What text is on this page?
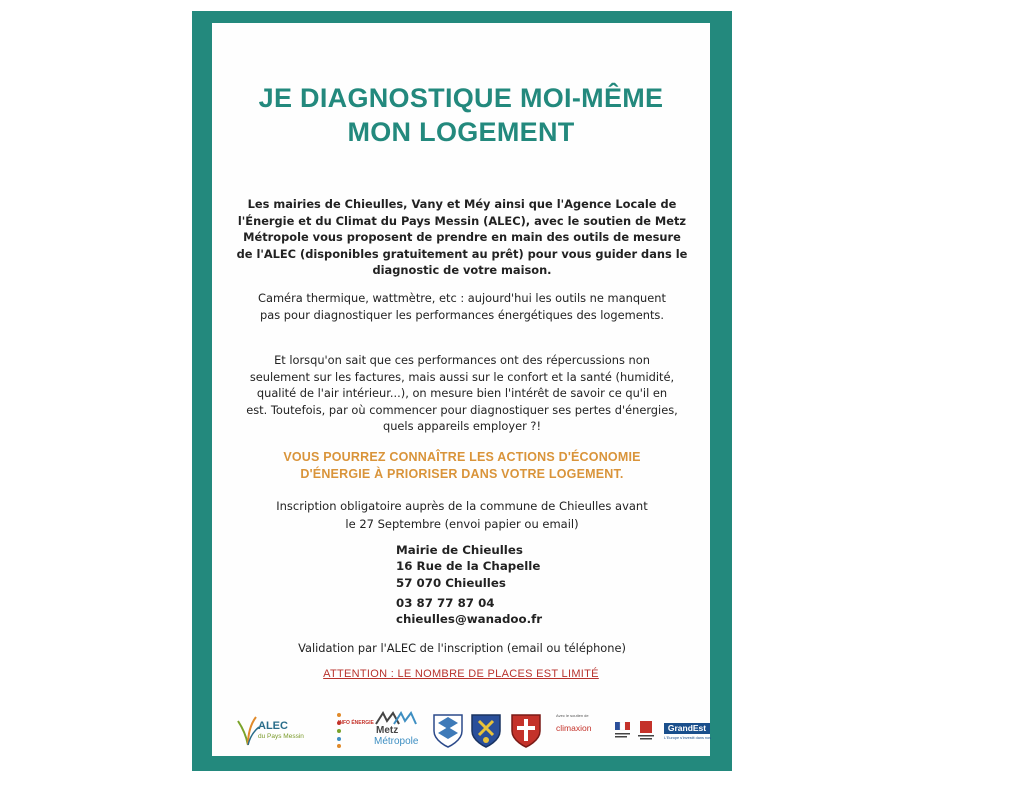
JE DIAGNOSTIQUE MOI-MÊME
MON LOGEMENT

Les mairies de Chieulles, Vany et Méy ainsi que l'Agence Locale de l'Énergie et du Climat du Pays Messin (ALEC), avec le soutien de Metz Métropole vous proposent de prendre en main des outils de mesure de l'ALEC (disponibles gratuitement au prêt) pour vous guider dans le diagnostic de votre maison.

Caméra thermique, wattmètre, etc : aujourd'hui les outils ne manquent pas pour diagnostiquer les performances énergétiques des logements.

Et lorsqu'on sait que ces performances ont des répercussions non seulement sur les factures, mais aussi sur le confort et la santé (humidité, qualité de l'air intérieur...), on mesure bien l'intérêt de savoir ce qu'il en est. Toutefois, par où commencer pour diagnostiquer ses pertes d'énergies, quels appareils employer ?!

VOUS POURREZ CONNAÎTRE LES ACTIONS D'ÉCONOMIE
D'ÉNERGIE À PRIORISER DANS VOTRE LOGEMENT.

Inscription obligatoire auprès de la commune de Chieulles avant le 27 Septembre (envoi papier ou email)

Mairie de Chieulles
16 Rue de la Chapelle
57 070 Chieulles
03 87 77 87 04
chieulles@wanadoo.fr

Validation par l'ALEC de l'inscription (email ou téléphone)

ATTENTION : LE NOMBRE DE PLACES EST LIMITÉ
ALEC
du Pays Messin
INFO ÉNERGIE
Metz
Métropole
Avec le soutien de
climaxion	GrandEst
L'Europe s'investit dans nos
